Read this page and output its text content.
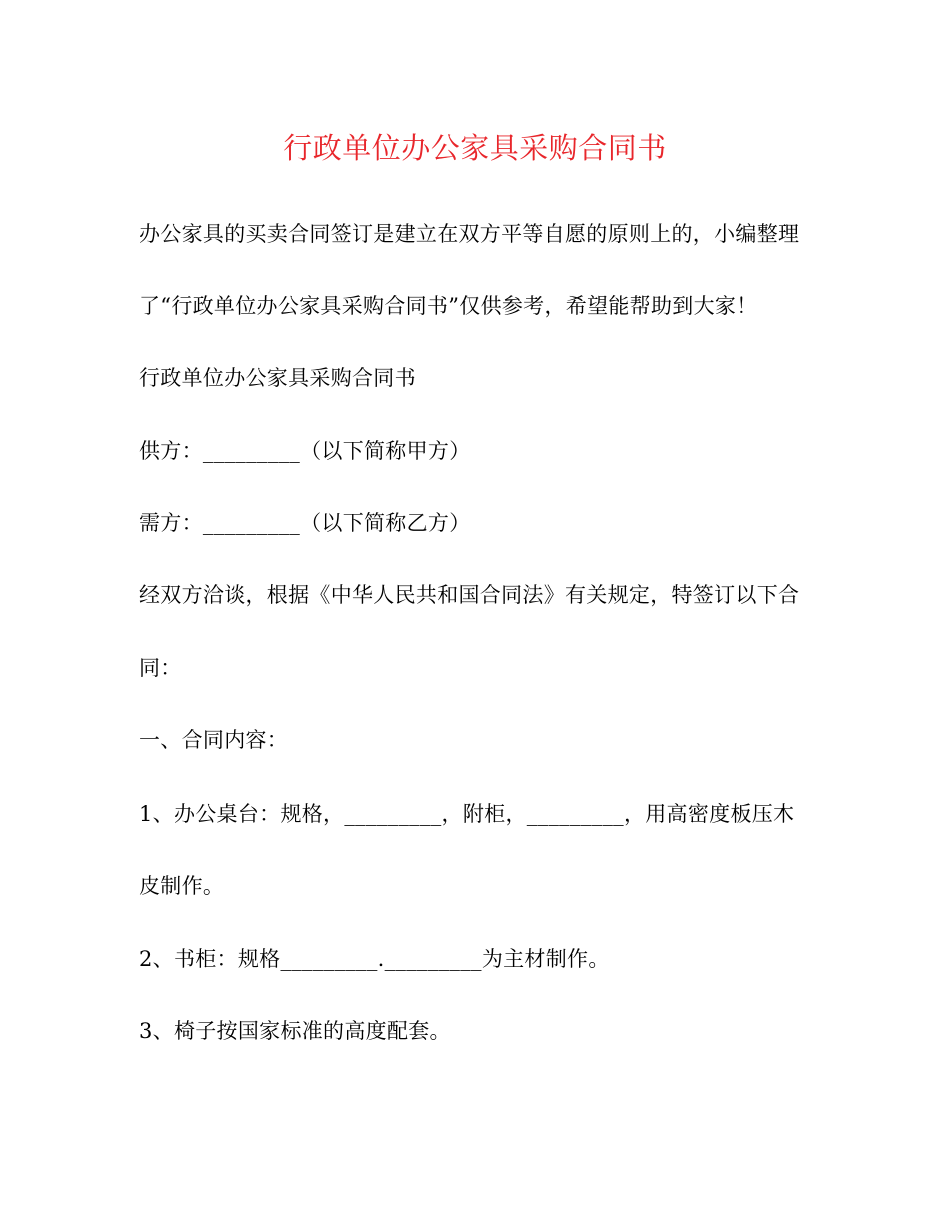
行政单位办公家具采购合同书
办公家具的买卖合同签订是建立在双方平等自愿的原则上的，小编整理
了“行政单位办公家具采购合同书”仅供参考，希望能帮助到大家！
行政单位办公家具采购合同书
供方：_________（以下简称甲方）
需方：_________（以下简称乙方）
经双方洽谈，根据《中华人民共和国合同法》有关规定，特签订以下合
同：
一、合同内容：
1、办公桌台：规格，_________，附柜，_________，用高密度板压木
皮制作。
2、书柜：规格_________._________为主材制作。
3、椅子按国家标准的高度配套。
